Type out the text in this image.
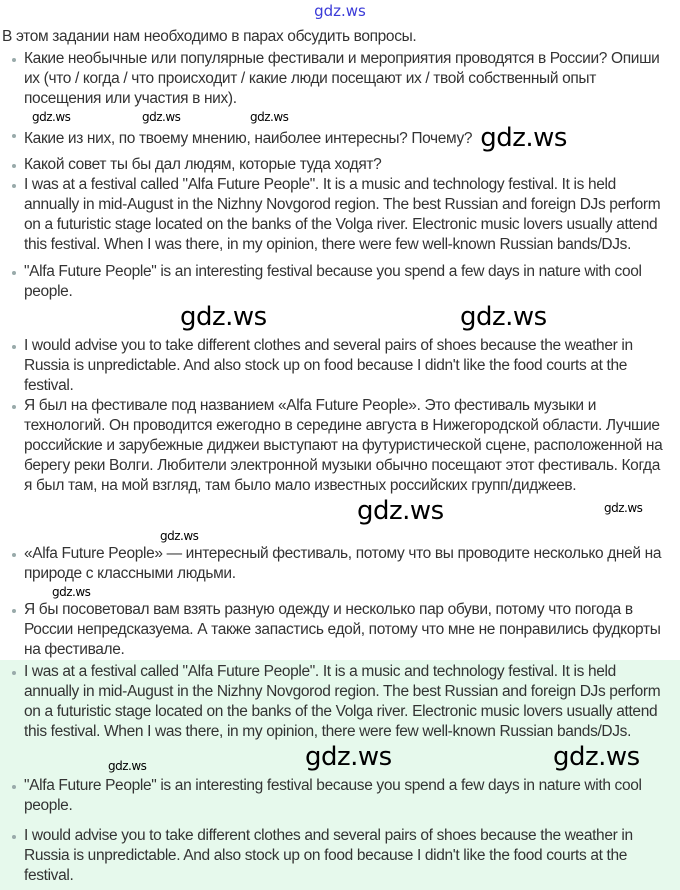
gdz.ws
В этом задании нам необходимо в парах обсудить вопросы.
Какие необычные или популярные фестивали и мероприятия проводятся в России? Опиши их (что / когда / что происходит / какие люди посещают их / твой собственный опыт посещения или участия в них).
gdz.ws	gdz.ws	gdz.ws
Какие из них, по твоему мнению, наиболее интересны? Почему? gdz.ws
Какой совет ты бы дал людям, которые туда ходят?
I was at a festival called "Alfa Future People". It is a music and technology festival. It is held annually in mid-August in the Nizhny Novgorod region. The best Russian and foreign DJs perform on a futuristic stage located on the banks of the Volga river. Electronic music lovers usually attend this festival. When I was there, in my opinion, there were few well-known Russian bands/DJs.
"Alfa Future People" is an interesting festival because you spend a few days in nature with cool people.
gdz.ws	gdz.ws
I would advise you to take different clothes and several pairs of shoes because the weather in Russia is unpredictable. And also stock up on food because I didn't like the food courts at the festival.
Я был на фестивале под названием «Alfa Future People». Это фестиваль музыки и технологий. Он проводится ежегодно в середине августа в Нижегородской области. Лучшие российские и зарубежные диджеи выступают на футуристической сцене, расположенной на берегу реки Волги. Любители электронной музыки обычно посещают этот фестиваль. Когда я был там, на мой взгляд, там было мало известных российских групп/диджеев.
gdz.ws	gdz.ws
gdz.ws
«Alfa Future People» — интересный фестиваль, потому что вы проводите несколько дней на природе с классными людьми.
gdz.ws
Я бы посоветовал вам взять разную одежду и несколько пар обуви, потому что погода в России непредсказуема. А также запастись едой, потому что мне не понравились фудкорты на фестивале.
I was at a festival called "Alfa Future People". It is a music and technology festival. It is held annually in mid-August in the Nizhny Novgorod region. The best Russian and foreign DJs perform on a futuristic stage located on the banks of the Volga river. Electronic music lovers usually attend this festival. When I was there, in my opinion, there were few well-known Russian bands/DJs.
gdz.ws	gdz.ws
gdz.ws
"Alfa Future People" is an interesting festival because you spend a few days in nature with cool people.
I would advise you to take different clothes and several pairs of shoes because the weather in Russia is unpredictable. And also stock up on food because I didn't like the food courts at the festival.
